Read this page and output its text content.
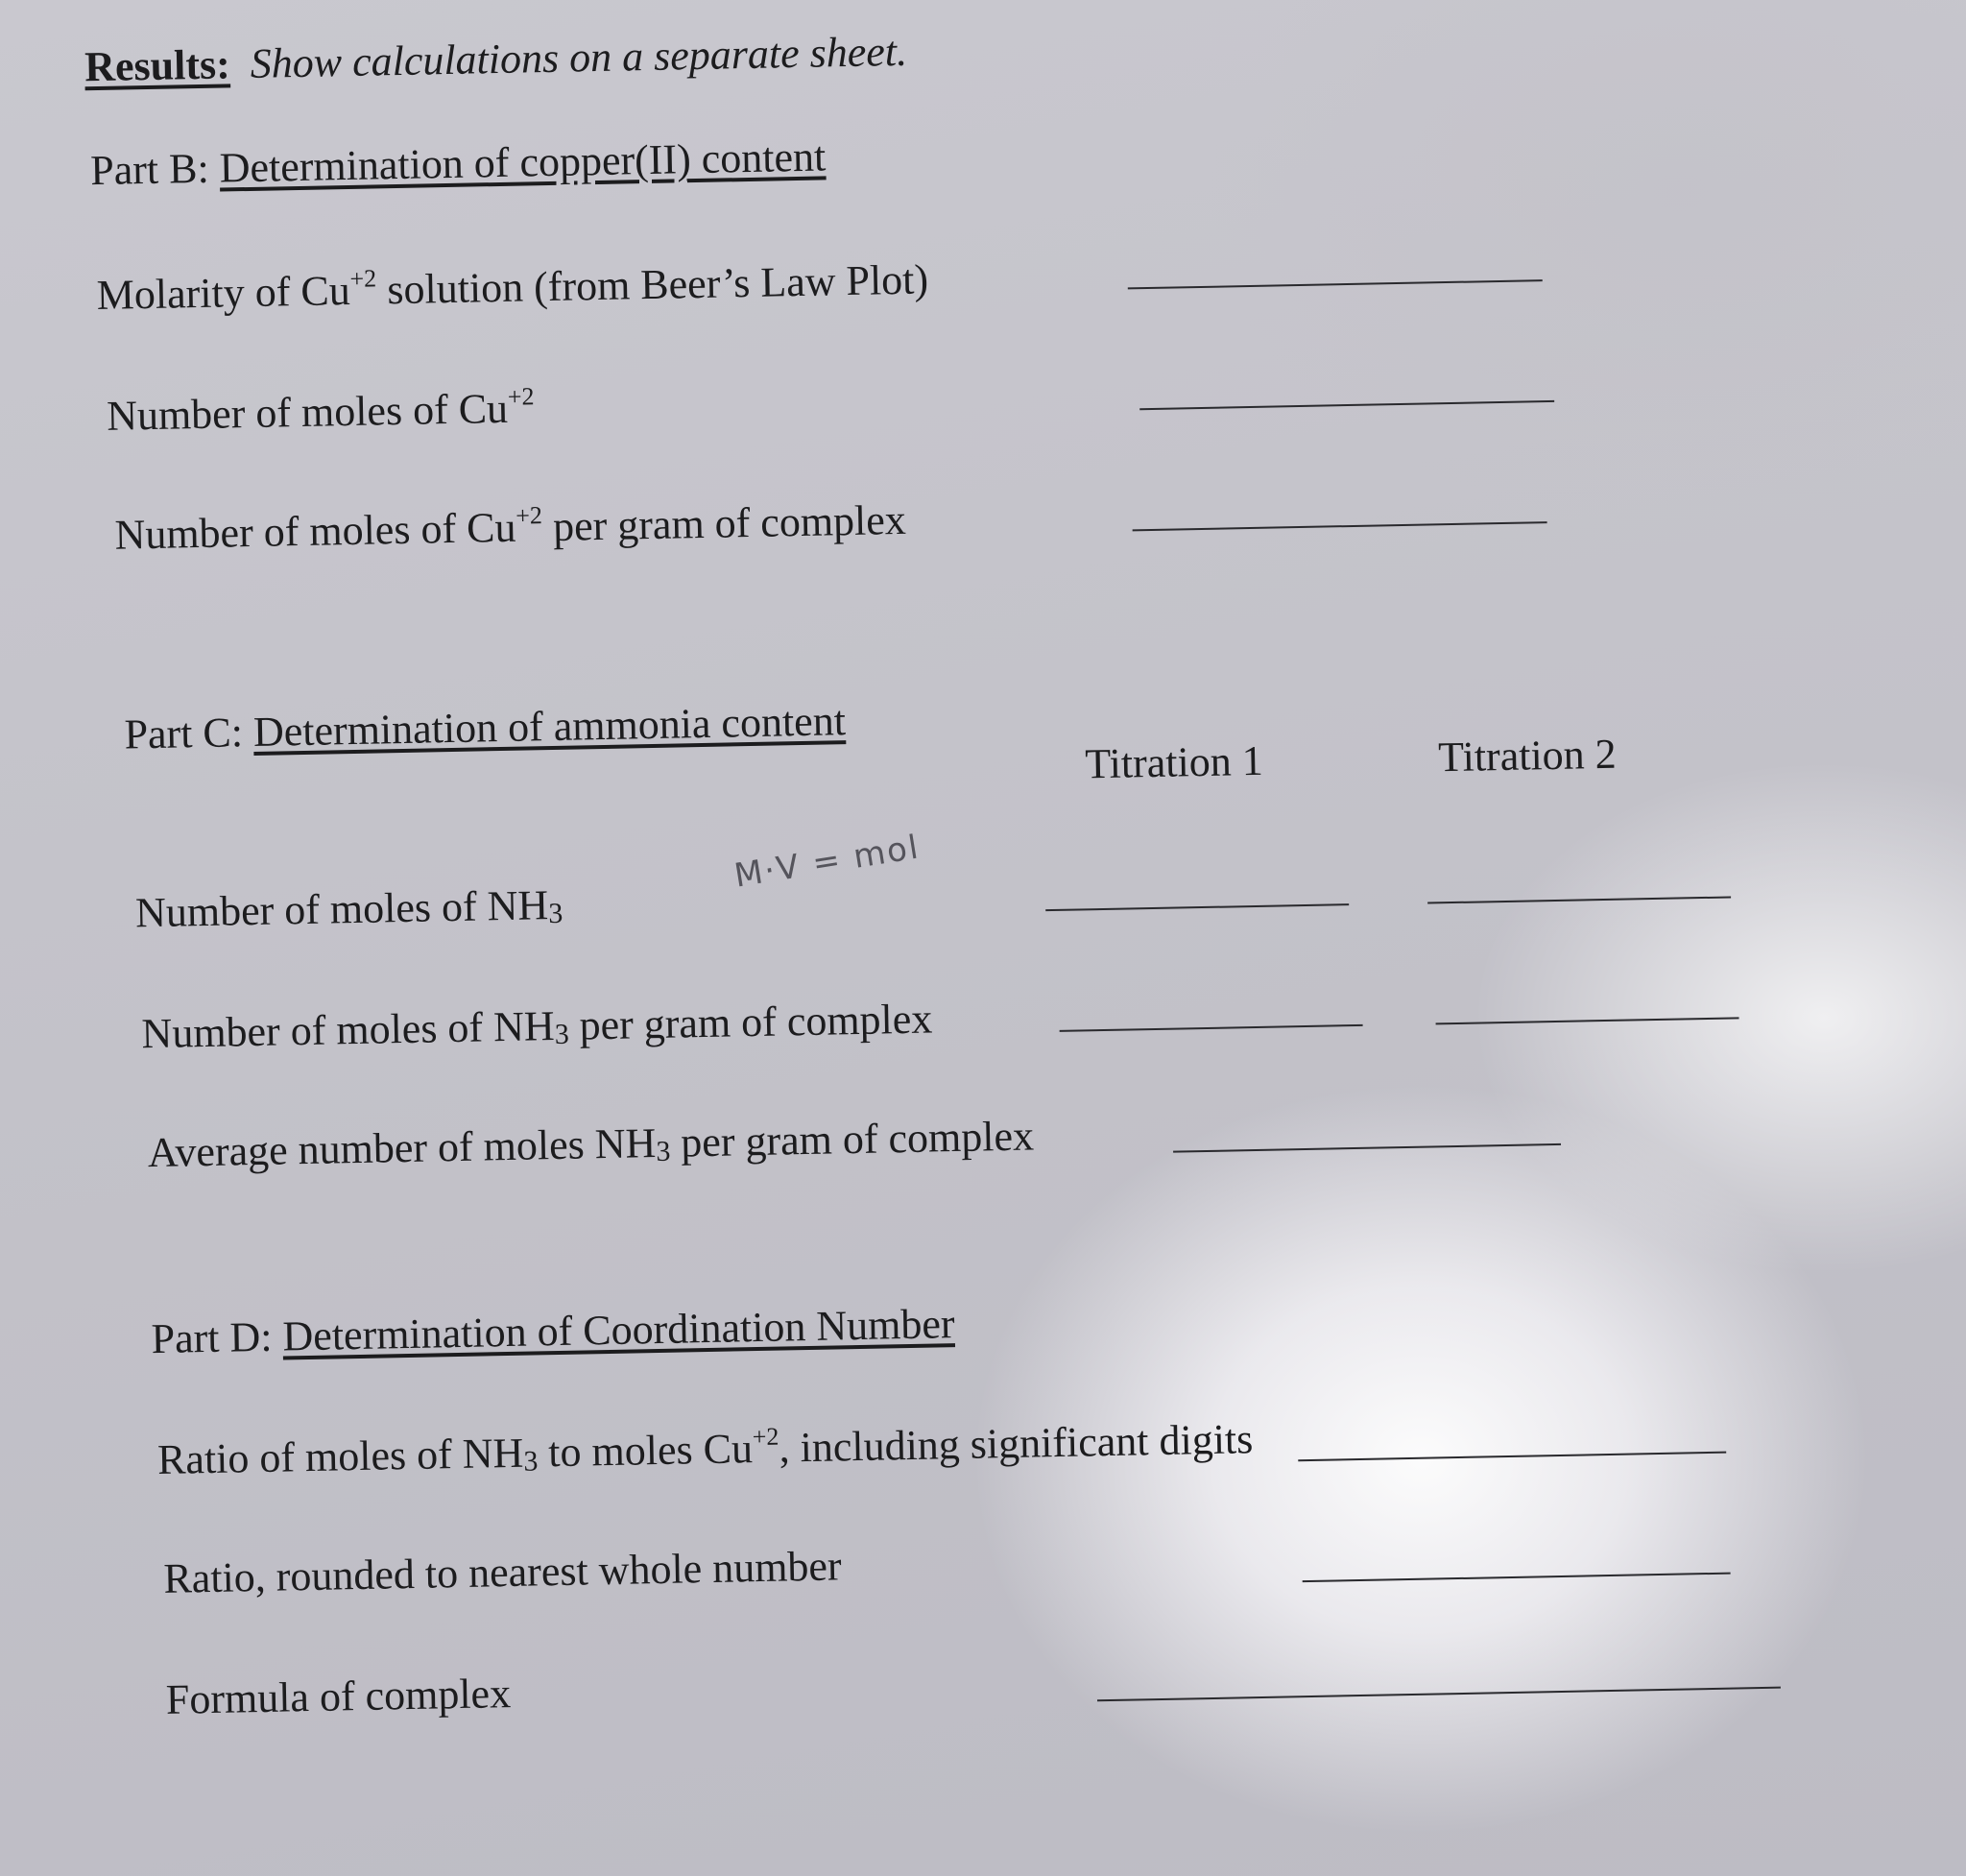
Results: Show calculations on a separate sheet.
Part B: Determination of copper(II) content
Molarity of $Cu^{+2}$ solution (from Beer’s Law Plot)
Number of moles of $Cu^{+2}$
Number of moles of $Cu^{+2}$ per gram of complex
Part C: Determination of ammonia content
Titration 1	Titration 2
M·V = mol
Number of moles of $NH_3$
Number of moles of $NH_3$ per gram of complex
Average number of moles $NH_3$ per gram of complex
Part D: Determination of Coordination Number
Ratio of moles of $NH_3$ to moles $Cu^{+2}$, including significant digits
Ratio, rounded to nearest whole number
Formula of complex
